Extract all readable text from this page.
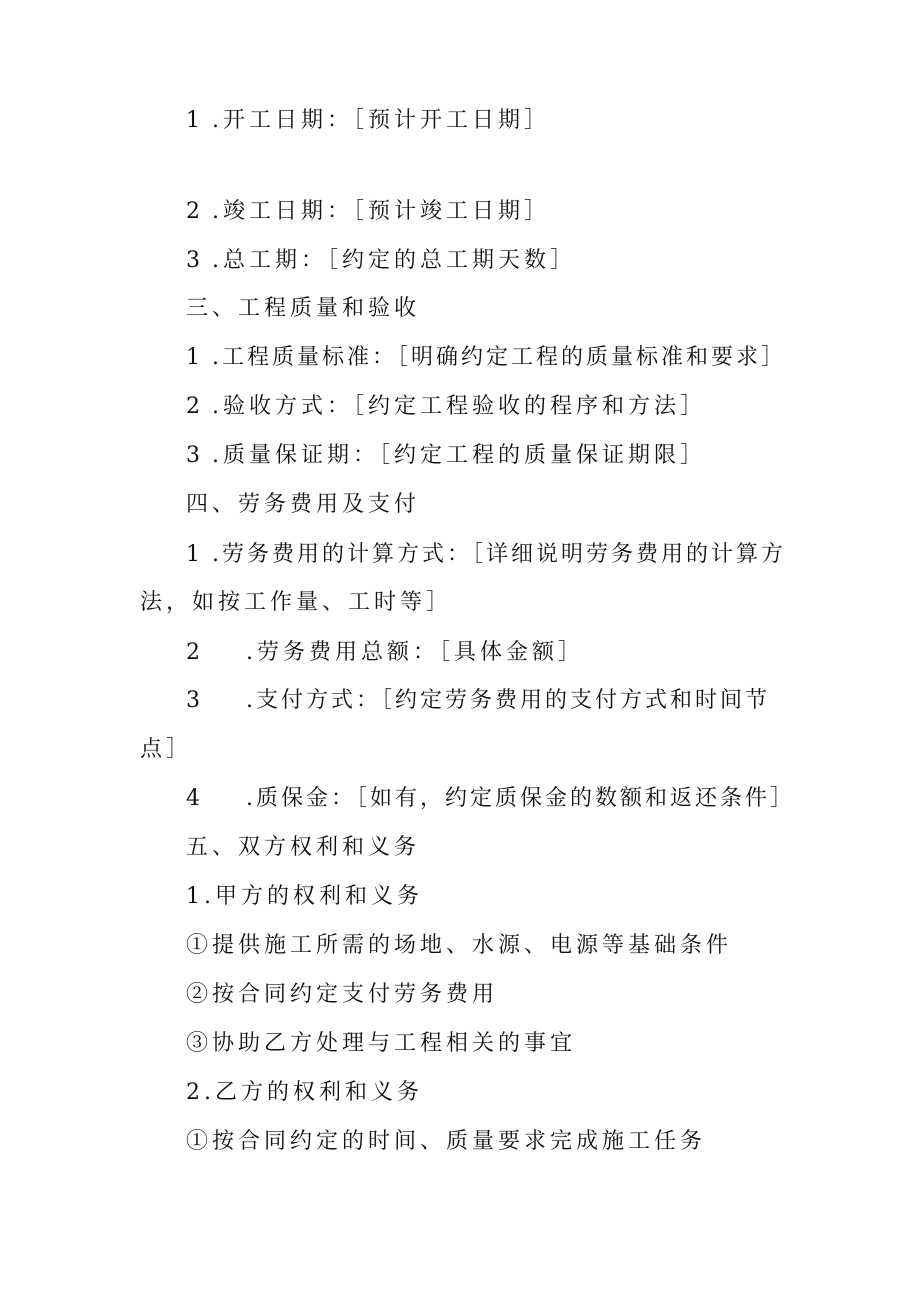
1 .开工日期：［预计开工日期］
2 .竣工日期：［预计竣工日期］
3 .总工期：［约定的总工期天数］
三、工程质量和验收
1 .工程质量标准：［明确约定工程的质量标准和要求］
2 .验收方式：［约定工程验收的程序和方法］
3 .质量保证期：［约定工程的质量保证期限］
四、劳务费用及支付
1 .劳务费用的计算方式：［详细说明劳务费用的计算方
法，如按工作量、工时等］
2 .劳务费用总额：［具体金额］
3 .支付方式：［约定劳务费用的支付方式和时间节
点］
4 .质保金：［如有，约定质保金的数额和返还条件］
五、双方权利和义务
1.甲方的权利和义务
①提供施工所需的场地、水源、电源等基础条件
②按合同约定支付劳务费用
③协助乙方处理与工程相关的事宜
2.乙方的权利和义务
①按合同约定的时间、质量要求完成施工任务
